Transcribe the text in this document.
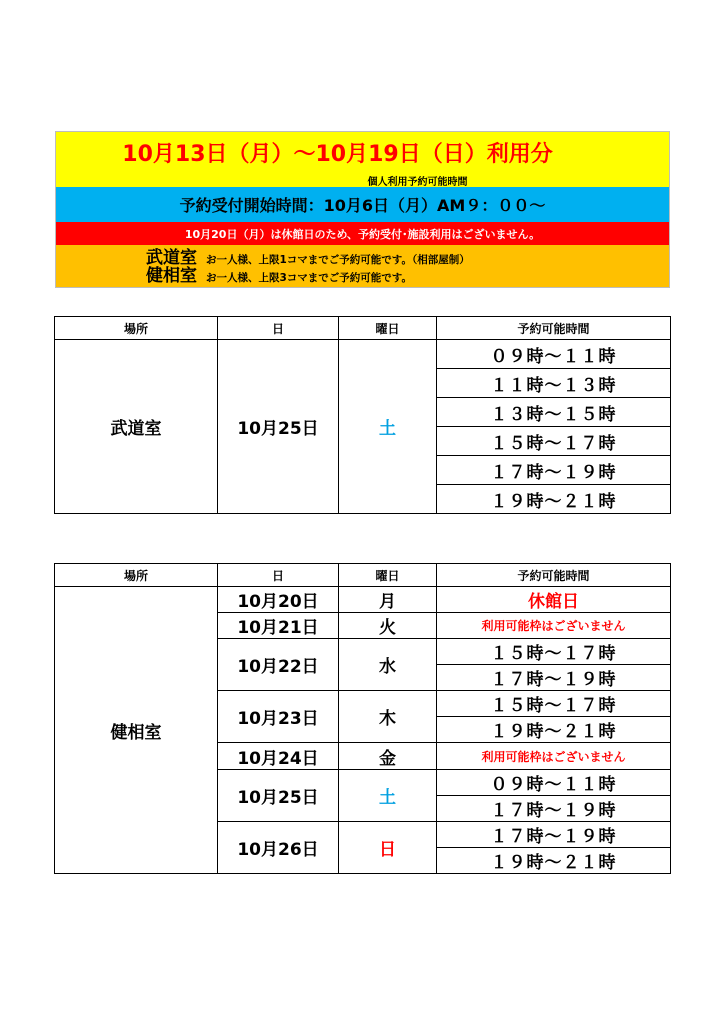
10月13日（月）〜10月19日（日）利用分
個人利用予約可能時間
予約受付開始時間：10月6日（月）AM９：００〜
10月20日（月）は休館日のため、予約受付･施設利用はございません。
武道室 お一人様、上限1コマまでご予約可能です。（相部屋制）
健相室 お一人様、上限3コマまでご予約可能です。
場所	日	曜日	予約可能時間
武道室	10月25日	土	０９時〜１１時
			１１時〜１３時
			１３時〜１５時
			１５時〜１７時
			１７時〜１９時
			１９時〜２１時
場所	日	曜日	予約可能時間
健相室	10月20日	月	休館日
	10月21日	火	利用可能枠はございません
	10月22日	水	１５時〜１７時
			１７時〜１９時
	10月23日	木	１５時〜１７時
			１９時〜２１時
	10月24日	金	利用可能枠はございません
	10月25日	土	０９時〜１１時
			１７時〜１９時
	10月26日	日	１７時〜１９時
			１９時〜２１時
